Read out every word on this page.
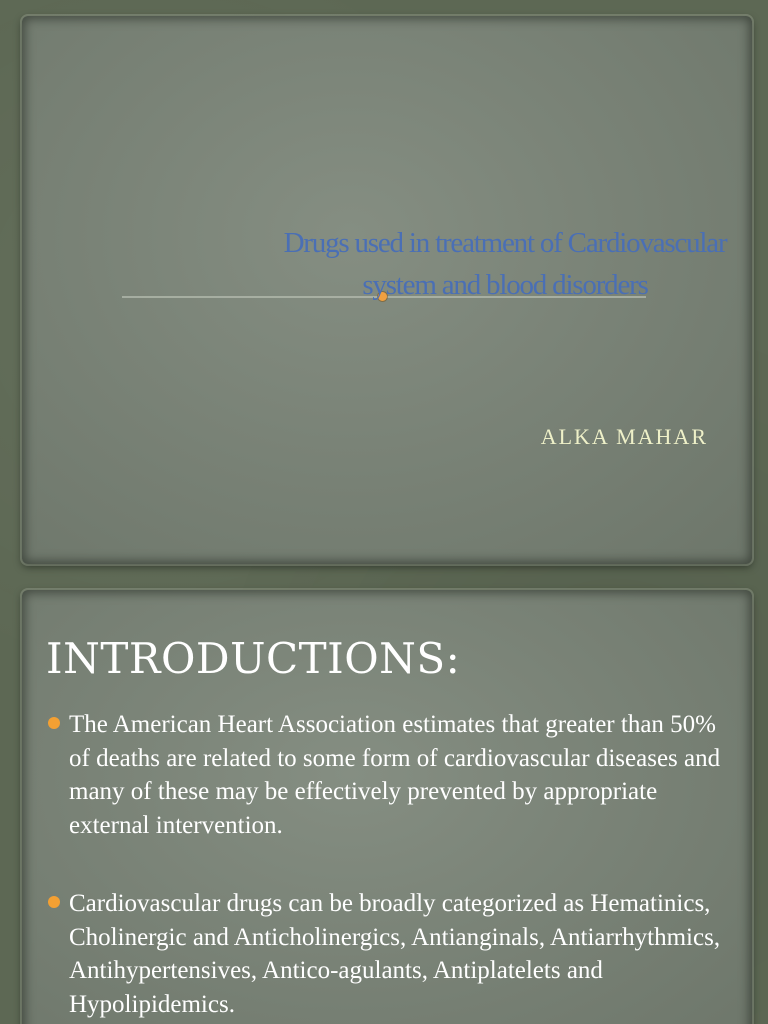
Drugs used in treatment of Cardiovascular system and blood disorders

ALKA MAHAR

INTRODUCTIONS:
The American Heart Association estimates that greater than 50% of deaths are related to some form of cardiovascular diseases and many of these may be effectively prevented by appropriate external intervention.
Cardiovascular drugs can be broadly categorized as Hematinics, Cholinergic and Anticholinergics, Antianginals, Antiarrhythmics, Antihypertensives, Antico-agulants, Antiplatelets and Hypolipidemics.
